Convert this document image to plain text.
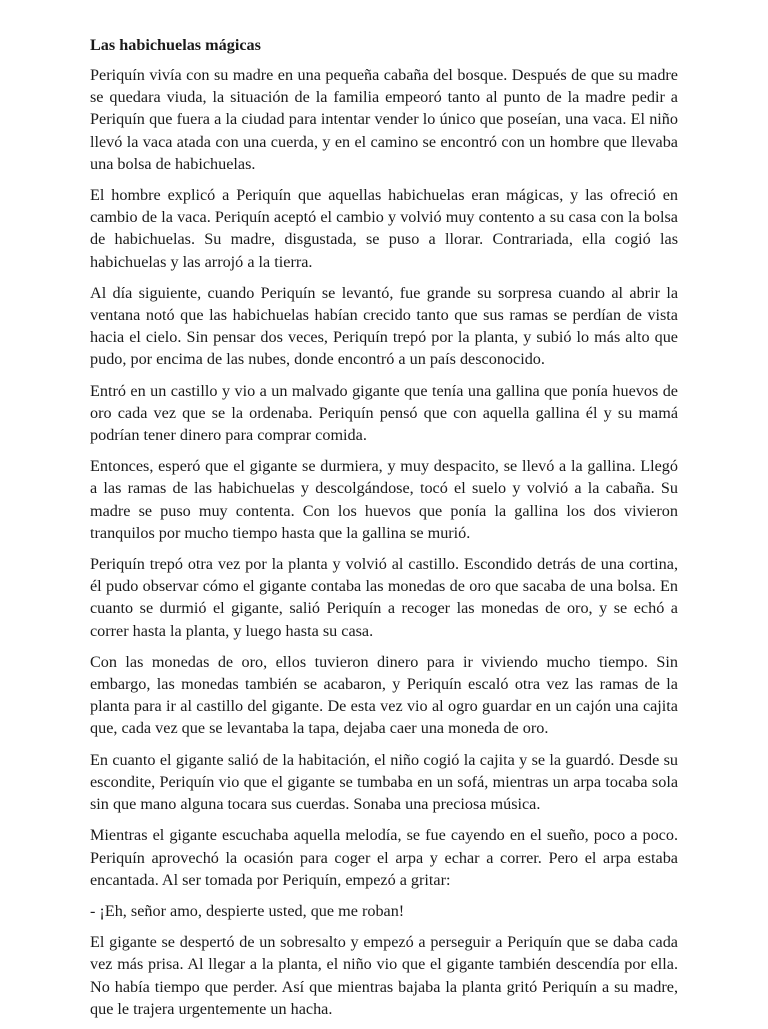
Las habichuelas mágicas

Periquín vivía con su madre en una pequeña cabaña del bosque. Después de que su madre se quedara viuda, la situación de la familia empeoró tanto al punto de la madre pedir a Periquín que fuera a la ciudad para intentar vender lo único que poseían, una vaca. El niño llevó la vaca atada con una cuerda, y en el camino se encontró con un hombre que llevaba una bolsa de habichuelas.

El hombre explicó a Periquín que aquellas habichuelas eran mágicas, y las ofreció en cambio de la vaca. Periquín aceptó el cambio y volvió muy contento a su casa con la bolsa de habichuelas. Su madre, disgustada, se puso a llorar. Contrariada, ella cogió las habichuelas y las arrojó a la tierra.

Al día siguiente, cuando Periquín se levantó, fue grande su sorpresa cuando al abrir la ventana notó que las habichuelas habían crecido tanto que sus ramas se perdían de vista hacia el cielo. Sin pensar dos veces, Periquín trepó por la planta, y subió lo más alto que pudo, por encima de las nubes, donde encontró a un país desconocido.

Entró en un castillo y vio a un malvado gigante que tenía una gallina que ponía huevos de oro cada vez que se la ordenaba. Periquín pensó que con aquella gallina él y su mamá podrían tener dinero para comprar comida.

Entonces, esperó que el gigante se durmiera, y muy despacito, se llevó a la gallina. Llegó a las ramas de las habichuelas y descolgándose, tocó el suelo y volvió a la cabaña. Su madre se puso muy contenta. Con los huevos que ponía la gallina los dos vivieron tranquilos por mucho tiempo hasta que la gallina se murió.

Periquín trepó otra vez por la planta y volvió al castillo. Escondido detrás de una cortina, él pudo observar cómo el gigante contaba las monedas de oro que sacaba de una bolsa. En cuanto se durmió el gigante, salió Periquín a recoger las monedas de oro, y se echó a correr hasta la planta, y luego hasta su casa.

Con las monedas de oro, ellos tuvieron dinero para ir viviendo mucho tiempo. Sin embargo, las monedas también se acabaron, y Periquín escaló otra vez las ramas de la planta para ir al castillo del gigante. De esta vez vio al ogro guardar en un cajón una cajita que, cada vez que se levantaba la tapa, dejaba caer una moneda de oro.

En cuanto el gigante salió de la habitación, el niño cogió la cajita y se la guardó. Desde su escondite, Periquín vio que el gigante se tumbaba en un sofá, mientras un arpa tocaba sola sin que mano alguna tocara sus cuerdas. Sonaba una preciosa música.

Mientras el gigante escuchaba aquella melodía, se fue cayendo en el sueño, poco a poco. Periquín aprovechó la ocasión para coger el arpa y echar a correr. Pero el arpa estaba encantada. Al ser tomada por Periquín, empezó a gritar:

- ¡Eh, señor amo, despierte usted, que me roban!

El gigante se despertó de un sobresalto y empezó a perseguir a Periquín que se daba cada vez más prisa. Al llegar a la planta, el niño vio que el gigante también descendía por ella. No había tiempo que perder. Así que mientras bajaba la planta gritó Periquín a su madre, que le trajera urgentemente un hacha.
